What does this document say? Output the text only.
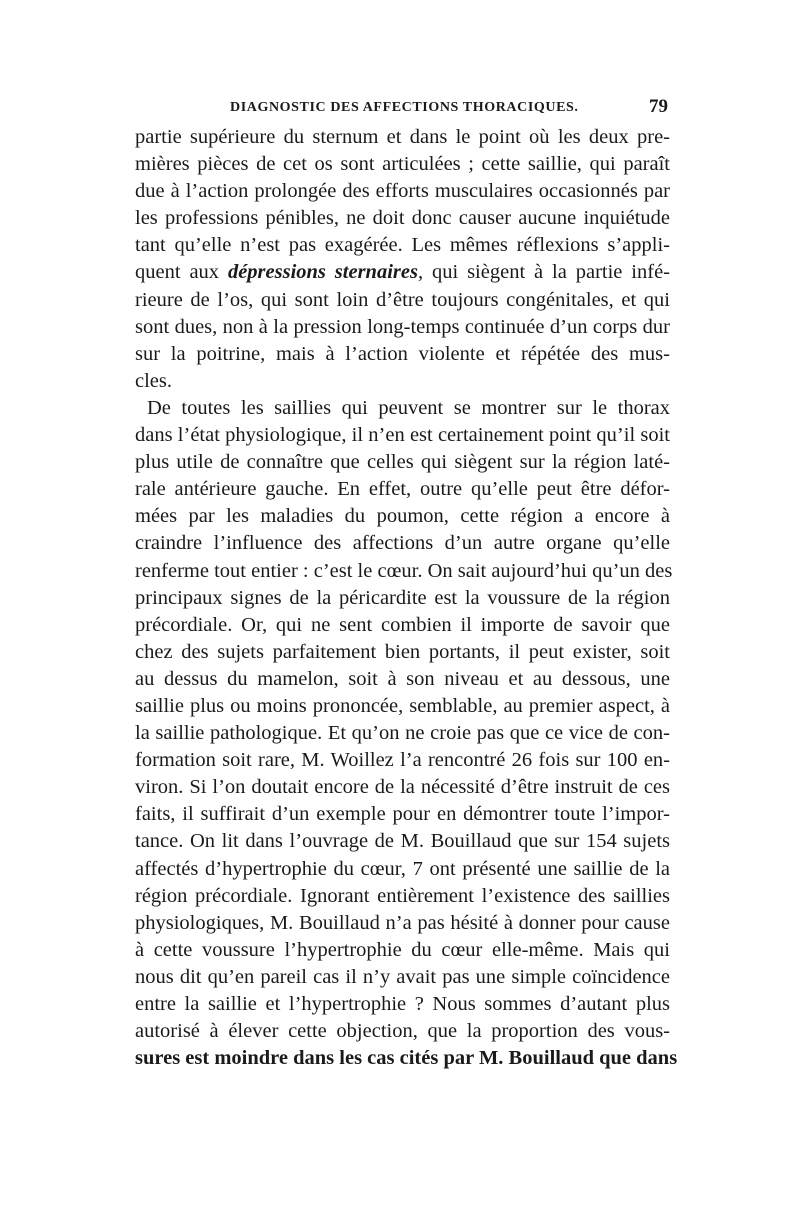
DIAGNOSTIC DES AFFECTIONS THORACIQUES.	79
partie supérieure du sternum et dans le point où les deux pre-
mières pièces de cet os sont articulées ; cette saillie, qui paraît
due à l’action prolongée des efforts musculaires occasionnés par
les professions pénibles, ne doit donc causer aucune inquiétude
tant qu’elle n’est pas exagérée. Les mêmes réflexions s’appli-
quent aux dépressions sternaires, qui siègent à la partie infé-
rieure de l’os, qui sont loin d’être toujours congénitales, et qui
sont dues, non à la pression long-temps continuée d’un corps dur
sur la poitrine, mais à l’action violente et répétée des mus-
cles.
De toutes les saillies qui peuvent se montrer sur le thorax
dans l’état physiologique, il n’en est certainement point qu’il soit
plus utile de connaître que celles qui siègent sur la région laté-
rale antérieure gauche. En effet, outre qu’elle peut être défor-
mées par les maladies du poumon, cette région a encore à
craindre l’influence des affections d’un autre organe qu’elle
renferme tout entier : c’est le cœur. On sait aujourd’hui qu’un des
principaux signes de la péricardite est la voussure de la région
précordiale. Or, qui ne sent combien il importe de savoir que
chez des sujets parfaitement bien portants, il peut exister, soit
au dessus du mamelon, soit à son niveau et au dessous, une
saillie plus ou moins prononcée, semblable, au premier aspect, à
la saillie pathologique. Et qu’on ne croie pas que ce vice de con-
formation soit rare, M. Woillez l’a rencontré 26 fois sur 100 en-
viron. Si l’on doutait encore de la nécessité d’être instruit de ces
faits, il suffirait d’un exemple pour en démontrer toute l’impor-
tance. On lit dans l’ouvrage de M. Bouillaud que sur 154 sujets
affectés d’hypertrophie du cœur, 7 ont présenté une saillie de la
région précordiale. Ignorant entièrement l’existence des saillies
physiologiques, M. Bouillaud n’a pas hésité à donner pour cause
à cette voussure l’hypertrophie du cœur elle-même. Mais qui
nous dit qu’en pareil cas il n’y avait pas une simple coïncidence
entre la saillie et l’hypertrophie ? Nous sommes d’autant plus
autorisé à élever cette objection, que la proportion des vous-
sures est moindre dans les cas cités par M. Bouillaud que dans
